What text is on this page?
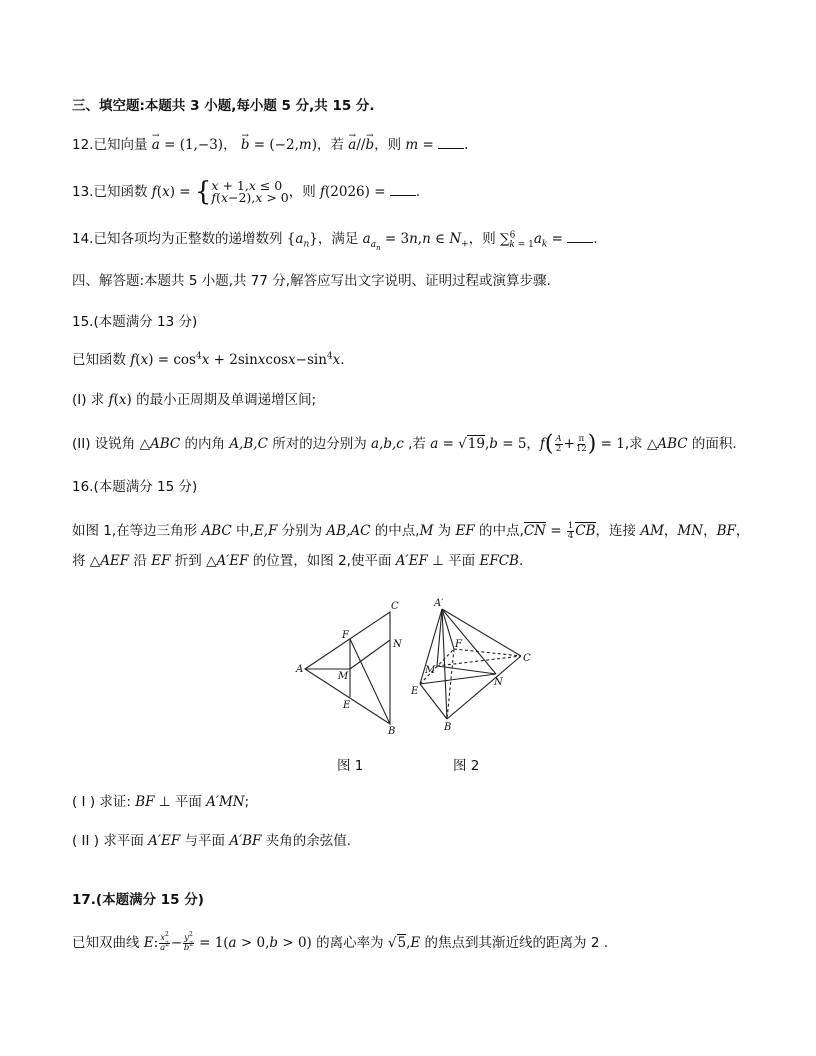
三、填空题:本题共 3 小题,每小题 5 分,共 15 分.
12.已知向量 → a = (1,−3)， → b = (−2,m)，若 → a//→ b，则 m = .
13.已知函数 f(x) = { x + 1,x ≤ 0
f(x−2),x > 0 ，则 f(2026) = .
14.已知各项均为正整数的递增数列 $\{a_n\}$，满足 $a_{a_n} = 3n,n$ ∈ $N_+$，则 $\sum^6_{k = 1}a_k$ = .
四、解答题:本题共 5 小题,共 77 分,解答应写出文字说明、证明过程或演算步骤.
15.(本题满分 13 分)
已知函数 $f(x) = \cos^4x$ + $2sinxcosx-\sin^4x$.
(I) 求 f(x) 的最小正周期及单调递增区间;
(II) 设锐角 △ABC 的内角 A,B,C 所对的边分别为 a,b,c ,若 a = √19,b = 5，$f( \frac{A}{2} + \frac{\pi}{12}$ ) = 1,求 △ABC 的面积.
16.(本题满分 15 分)
如图 1,在等边三角形 ABC 中,E,F 分别为 AB,AC 的中点,M 为 EF 的中点$,CN = \frac{1}{4}$ CB，连接 AM，MN，BF，
将 △AEF 沿 EF 折到 △A′EF 的位置，如图 2,使平面 A′EF ⊥ 平面 EFCB.
A
C
B
F
E
M
N
A′
C
N
B
E
M
F
图 1	图 2
( I ) 求证: BF ⊥ 平面 A′MN;
( II ) 求平面 A′EF 与平面 A′BF 夹角的余弦值.
17.(本题满分 15 分)
已知双曲线 E: $\frac{x^2}{a^2} - \frac{y^2}{b^2} = 1(a > 0,b > 0)$ 的离心率为 √5,E 的焦点到其渐近线的距离为 2 .
